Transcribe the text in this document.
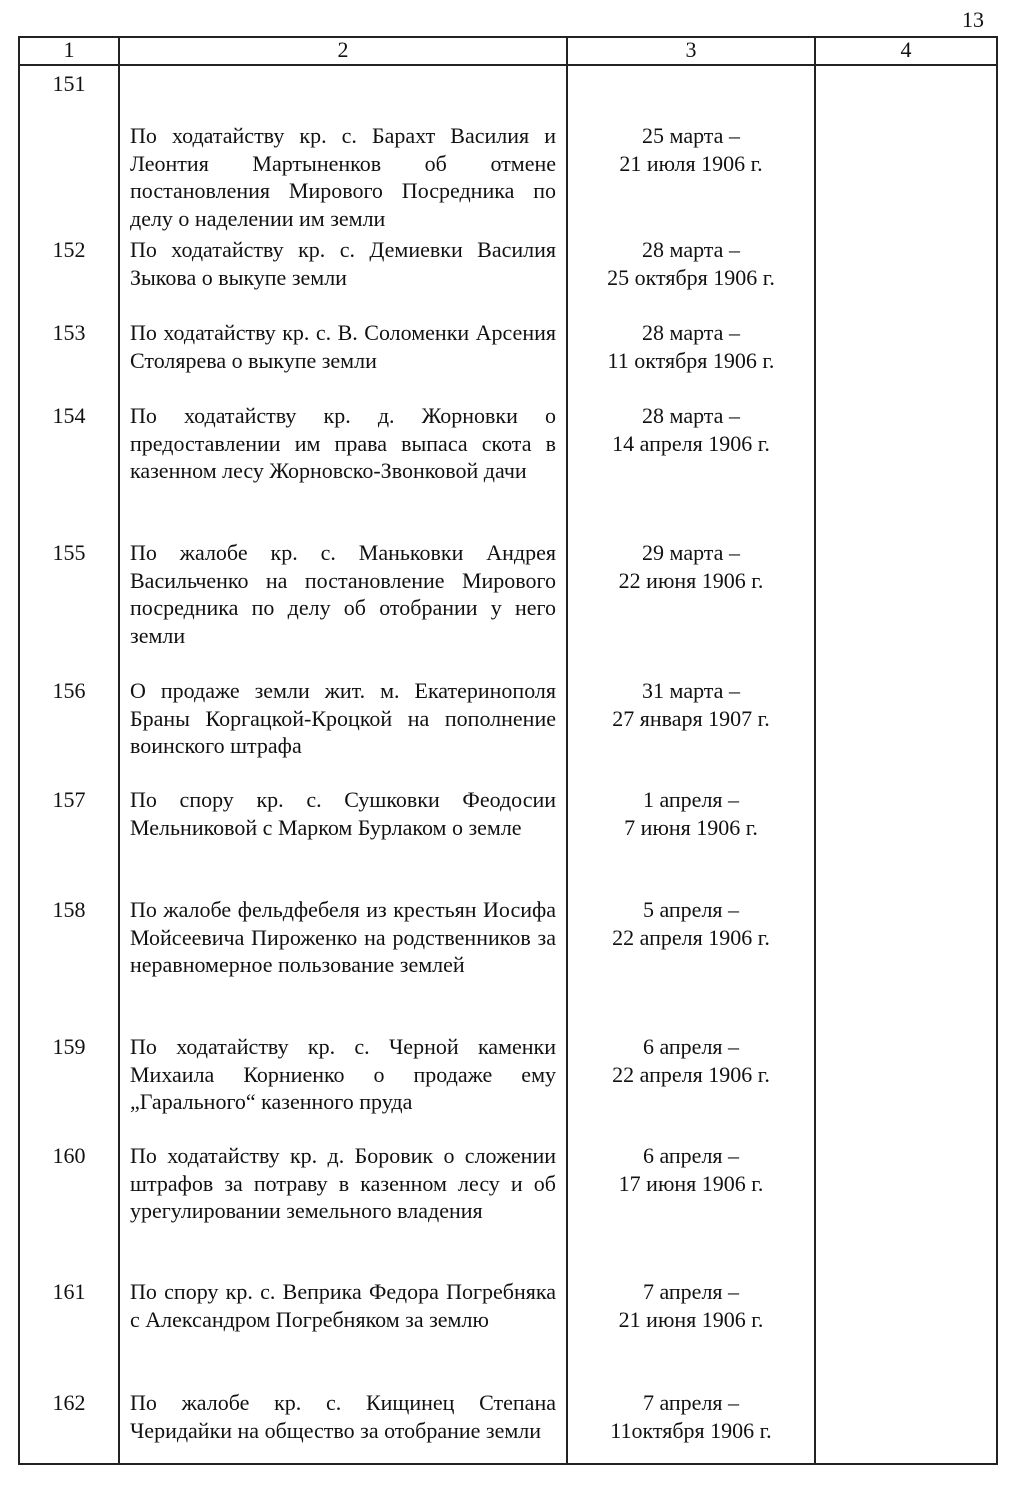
13
1	2	3	4
151	По ходатайству кр. с. Барахт Василия и Леонтия Мартыненков об отмене постановления Мирового Посредника по делу о наделении им земли	25 марта –
21 июля 1906 г.	

152	По ходатайству кр. с. Демиевки Василия Зыкова о выкупе земли	28 марта –
25 октября 1906 г.	

153	По ходатайству кр. с. В. Соломенки Арсения Столярева о выкупе земли	28 марта –
11 октября 1906 г.	

154	По ходатайству кр. д. Жорновки о предоставлении им права выпаса скота в казенном лесу Жорновско-Звонковой дачи	28 марта –
14 апреля 1906 г.	

155	По жалобе кр. с. Маньковки Андрея Васильченко на постановление Мирового посредника по делу об отобрании у него земли	29 марта –
22 июня 1906 г.	

156	О продаже земли жит. м. Екатеринополя Браны Коргацкой-Кроцкой на пополнение воинского штрафа	31 марта –
27 января 1907 г.	

157	По спору кр. с. Сушковки Феодосии Мельниковой с Марком Бурлаком о земле	1 апреля –
7 июня 1906 г.	

158	По жалобе фельдфебеля из крестьян Иосифа Мойсеевича Пироженко на родственников за неравномерное пользование землей	5 апреля –
22 апреля 1906 г.	

159	По ходатайству кр. с. Черной каменки Михаила Корниенко о продаже ему „Гарального“ казенного пруда	6 апреля –
22 апреля 1906 г.	

160	По ходатайству кр. д. Боровик о сложении штрафов за потраву в казенном лесу и об урегулировании земельного владения	6 апреля –
17 июня 1906 г.	

161	По спору кр. с. Веприка Федора Погребняка с Александром Погребняком за землю	7 апреля –
21 июня 1906 г.	

162	По жалобе кр. с. Кищинец Степана Черидайки на общество за отобрание земли	7 апреля –
11октября 1906 г.	
